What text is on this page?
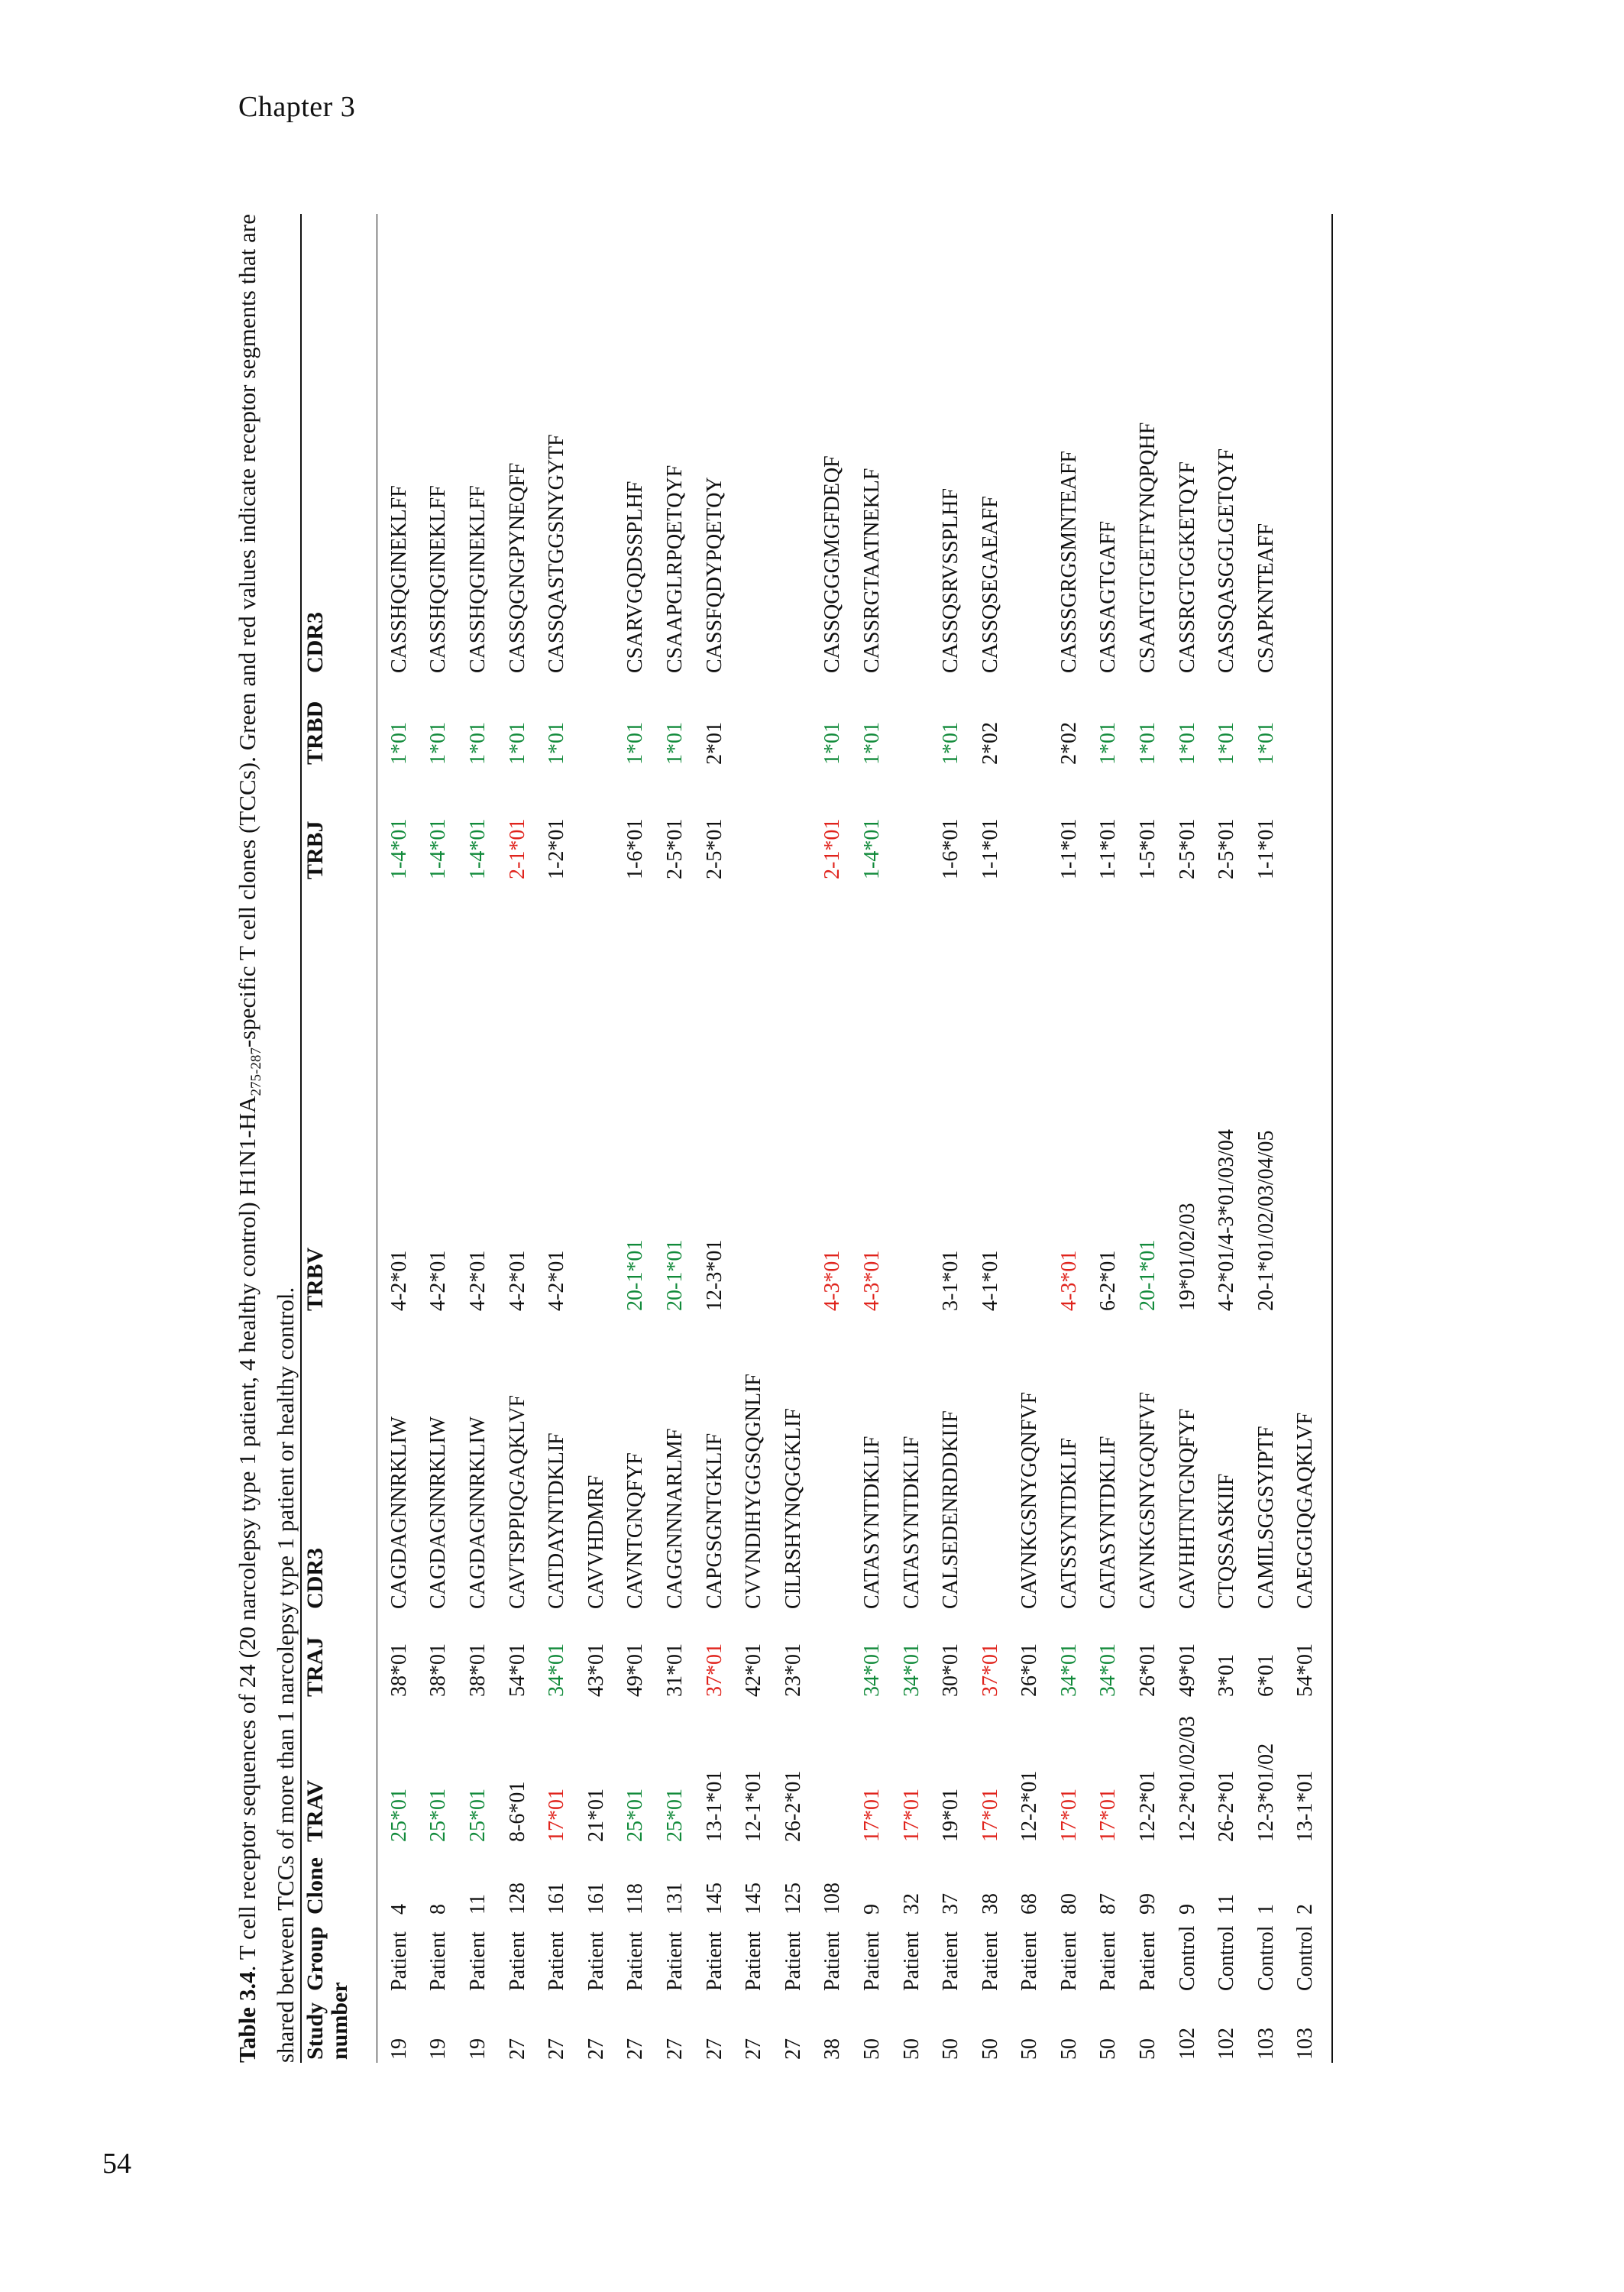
Chapter 3
54
Table 3.4. T cell receptor sequences of 24 (20 narcolepsy type 1 patient, 4 healthy control) $H1N1-HA_{275-287}$-specific T cell clones (TCCs). Green and red values indicate receptor segments that are shared between TCCs of more than 1 narcolepsy type 1 patient or healthy control. Study number	Group	Clone	TRAV	TRAJ	CDR3	TRBV	TRBJ	TRBD	CDR3
19	Patient	4	25*01	38*01	CAGDAGNNRKLIW	4-2*01	1-4*01	1*01	CASSHQGINEKLFF
19	Patient	8	25*01	38*01	CAGDAGNNRKLIW	4-2*01	1-4*01	1*01	CASSHQGINEKLFF
19	Patient	11	25*01	38*01	CAGDAGNNRKLIW	4-2*01	1-4*01	1*01	CASSHQGINEKLFF
27	Patient	128	8-6*01	54*01	CAVTSPPIQGAQKLVF	4-2*01	2-1*01	1*01	CASSQGNGPYNEQFF
27	Patient	161	17*01	34*01	CATDAYNTDKLIF	4-2*01	1-2*01	1*01	CASSQASTGGSNYGYTF
27	Patient	161	21*01	43*01	CAVVHDMRF				
27	Patient	118	25*01	49*01	CAVNTGNQFYF	20-1*01	1-6*01	1*01	CSARVGQDSSPLHF
27	Patient	131	25*01	31*01	CAGGNNNARLMF	20-1*01	2-5*01	1*01	CSAAPGLRPQETQYF
27	Patient	145	13-1*01	37*01	CAPGSGNTGKLIF	12-3*01	2-5*01	2*01	CASSFQDYPQETQY
27	Patient	145	12-1*01	42*01	CVVNDIHYGGSQGNLIF				
27	Patient	125	26-2*01	23*01	CILRSHYNQGGKLIF				
38	Patient	108				4-3*01	2-1*01	1*01	CASSQGGGMGFDEQF
50	Patient	9	17*01	34*01	CATASYNTDKLIF	4-3*01	1-4*01	1*01	CASSRGTAATNEKLF
50	Patient	32	17*01	34*01	CATASYNTDKLIF				
50	Patient	37	19*01	30*01	CALSEDENRDDKIIF	3-1*01	1-6*01	1*01	CASSQSRVSSPLHF
50	Patient	38	17*01	37*01		4-1*01	1-1*01	2*02	CASSQSEGAEAFF
50	Patient	68	12-2*01	26*01	CAVNKGSNYGQNFVF				
50	Patient	80	17*01	34*01	CATSSYNTDKLIF	4-3*01	1-1*01	2*02	CASSSGRGSMNTEAFF
50	Patient	87	17*01	34*01	CATASYNTDKLIF	6-2*01	1-1*01	1*01	CASSAGTGAFF
50	Patient	99	12-2*01	26*01	CAVNKGSNYGQNFVF	20-1*01	1-5*01	1*01	CSAATGTGETFYNQPQHF
102	Control	9	12-2*01/02/03	49*01	CAVHHTNTGNQFYF	19*01/02/03	2-5*01	1*01	CASSRGTGGKETQYF
102	Control	11	26-2*01	3*01	CTQSSASKIIF	4-2*01/4-3*01/03/04	2-5*01	1*01	CASSQASGGLGETQYF
103	Control	1	12-3*01/02	6*01	CAMILSGGSYIPTF	20-1*01/02/03/04/05	1-1*01	1*01	CSAPKNTEAFF
103	Control	2	13-1*01	54*01	CAEGGIQGAQKLVF				
